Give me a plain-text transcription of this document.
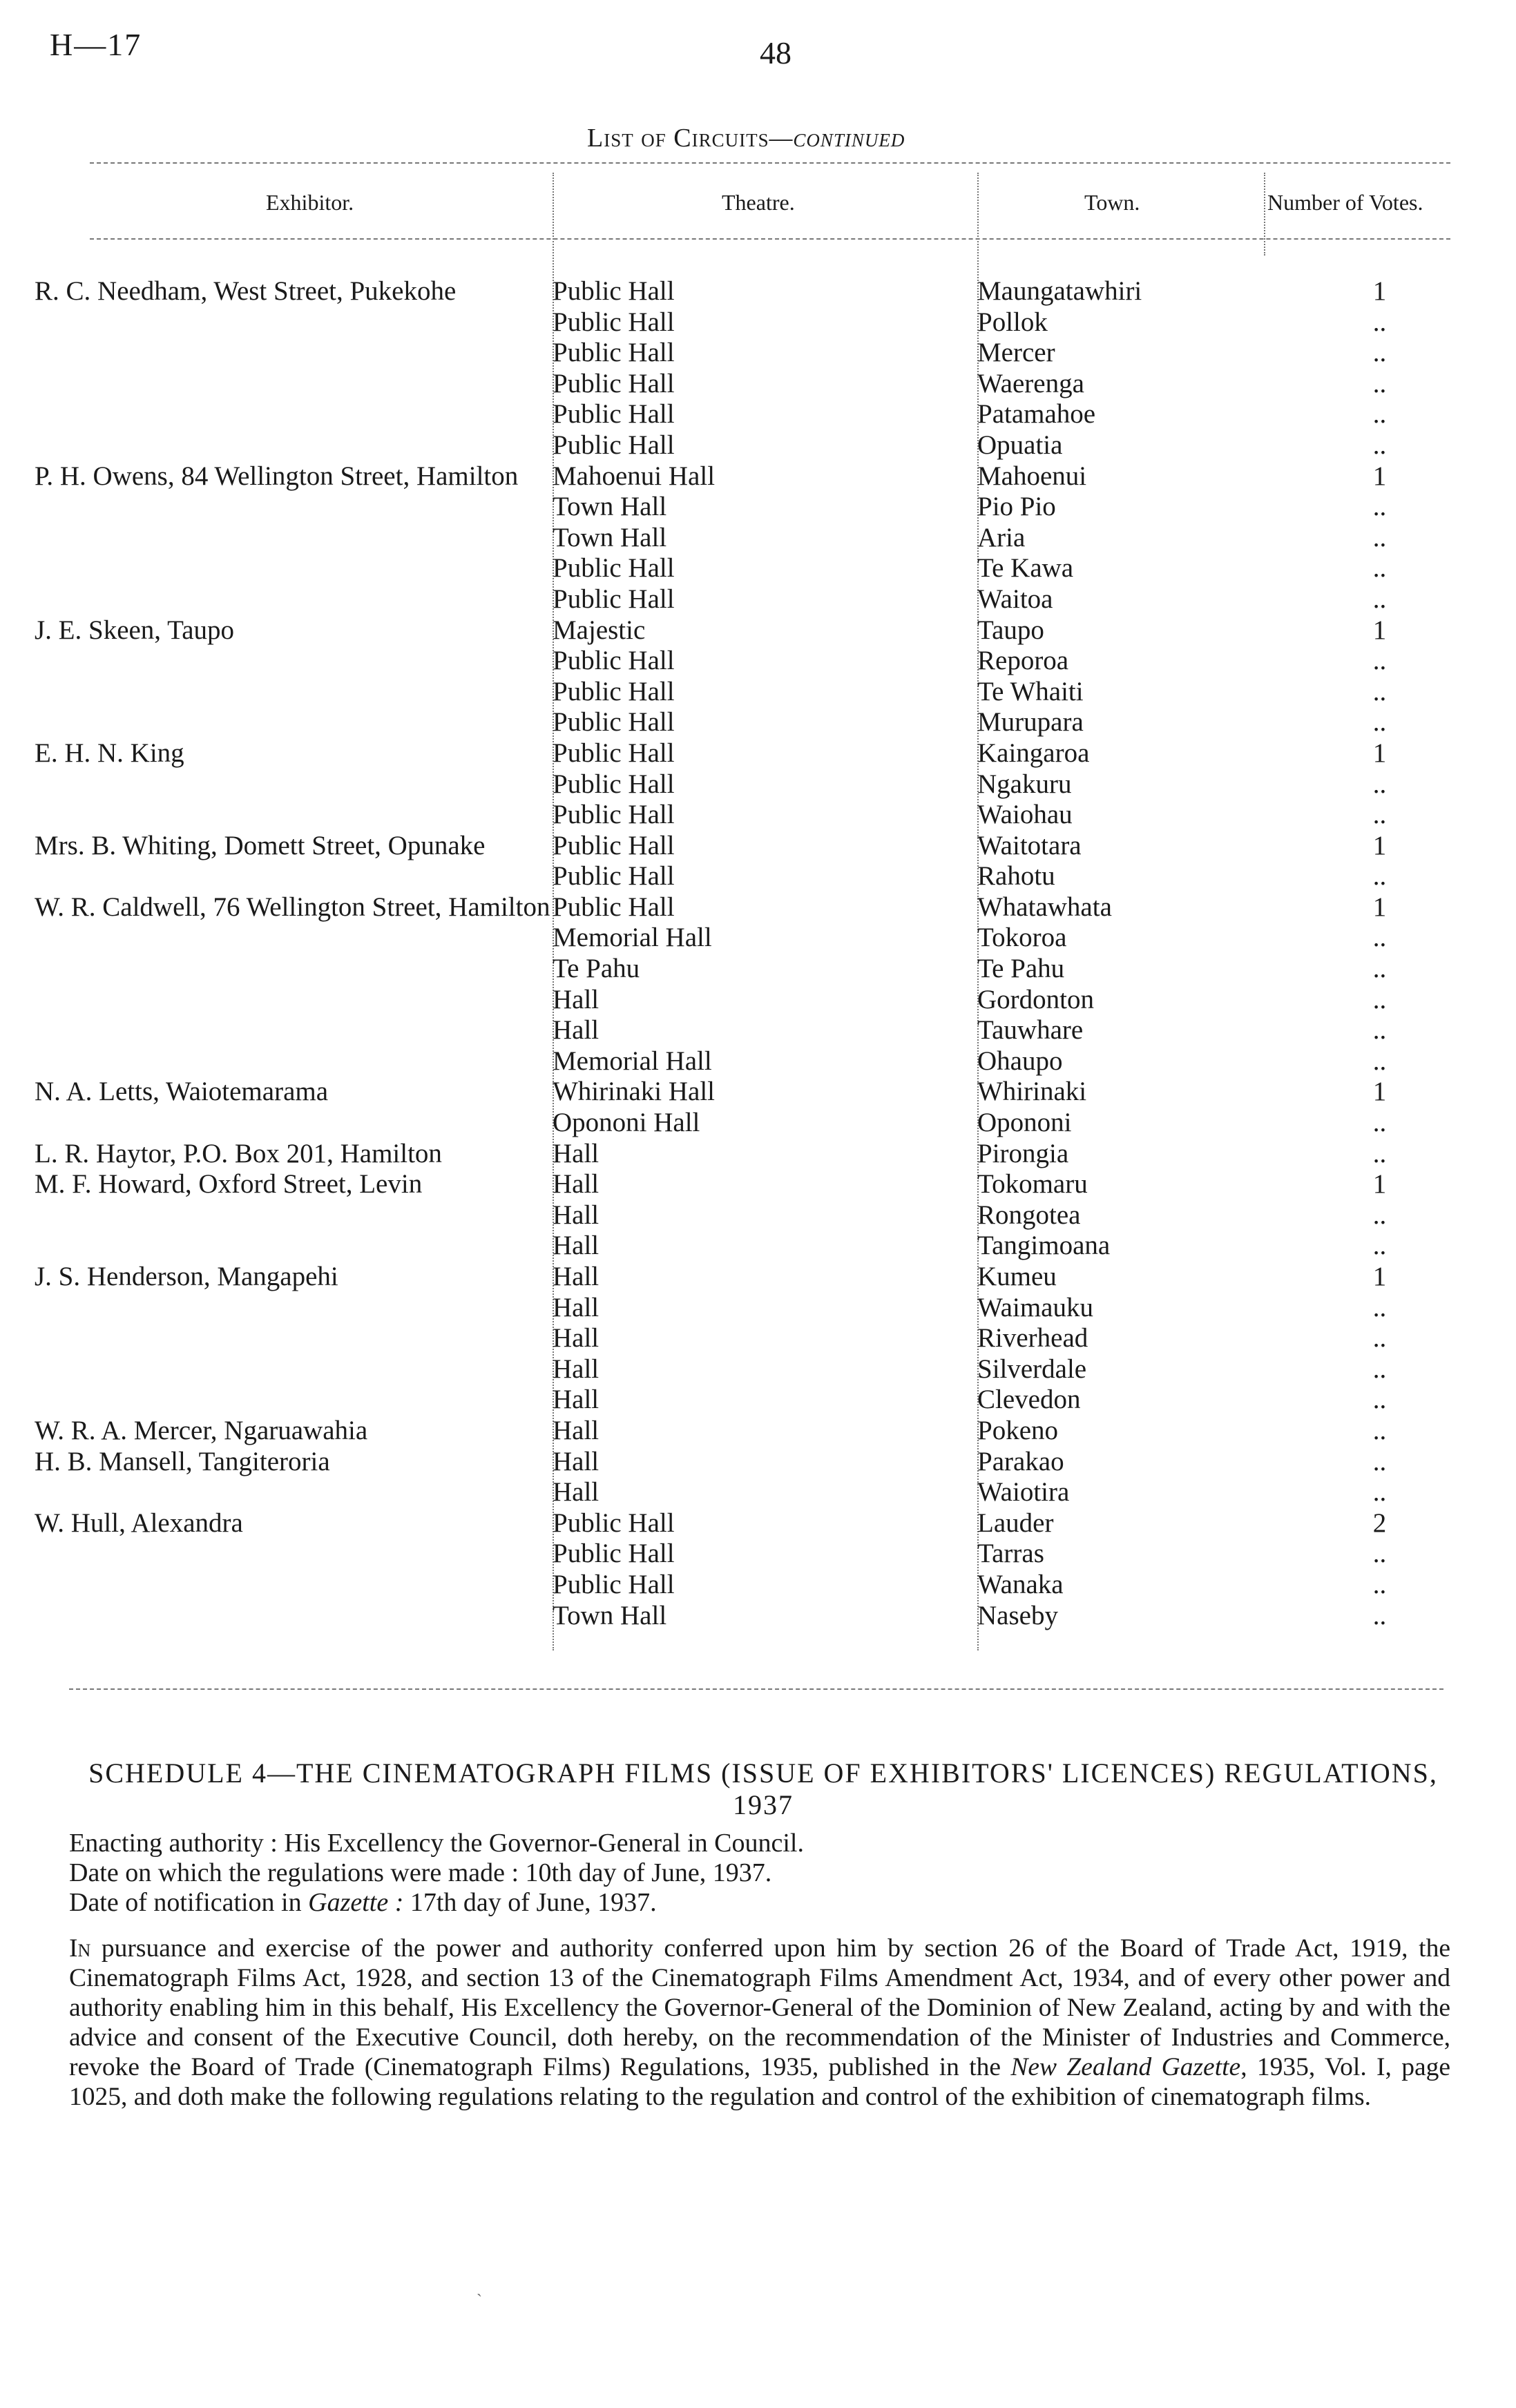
H—17	48
List of Circuits—continued
Exhibitor.	Theatre.	Town.	Number of Votes.
R. C. Needham, West Street, Pukekohe	Public Hall	Maungatawhiri	1
	Public Hall	Pollok	..
	Public Hall	Mercer	..
	Public Hall	Waerenga	..
	Public Hall	Patamahoe	..
	Public Hall	Opuatia	..
P. H. Owens, 84 Wellington Street, Hamilton	Mahoenui Hall	Mahoenui	1
	Town Hall	Pio Pio	..
	Town Hall	Aria	..
	Public Hall	Te Kawa	..
	Public Hall	Waitoa	..
J. E. Skeen, Taupo	Majestic	Taupo	1
	Public Hall	Reporoa	..
	Public Hall	Te Whaiti	..
	Public Hall	Murupara	..
E. H. N. King	Public Hall	Kaingaroa	1
	Public Hall	Ngakuru	..
	Public Hall	Waiohau	..
Mrs. B. Whiting, Domett Street, Opunake	Public Hall	Waitotara	1
	Public Hall	Rahotu	..
W. R. Caldwell, 76 Wellington Street, Hamilton	Public Hall	Whatawhata	1
	Memorial Hall	Tokoroa	..
	Te Pahu	Te Pahu	..
	Hall	Gordonton	..
	Hall	Tauwhare	..
	Memorial Hall	Ohaupo	..
N. A. Letts, Waiotemarama	Whirinaki Hall	Whirinaki	1
	Opononi Hall	Opononi	..
L. R. Haytor, P.O. Box 201, Hamilton	Hall	Pirongia	..
M. F. Howard, Oxford Street, Levin	Hall	Tokomaru	1
	Hall	Rongotea	..
	Hall	Tangimoana	..
J. S. Henderson, Mangapehi	Hall	Kumeu	1
	Hall	Waimauku	..
	Hall	Riverhead	..
	Hall	Silverdale	..
	Hall	Clevedon	..
W. R. A. Mercer, Ngaruawahia	Hall	Pokeno	..
H. B. Mansell, Tangiteroria	Hall	Parakao	..
	Hall	Waiotira	..
W. Hull, Alexandra	Public Hall	Lauder	2
	Public Hall	Tarras	..
	Public Hall	Wanaka	..
	Town Hall	Naseby	..
SCHEDULE 4—THE CINEMATOGRAPH FILMS (ISSUE OF EXHIBITORS' LICENCES) REGULATIONS, 1937
Enacting authority : His Excellency the Governor-General in Council.
Date on which the regulations were made : 10th day of June, 1937.
Date of notification in Gazette : 17th day of June, 1937.
In pursuance and exercise of the power and authority conferred upon him by section 26 of the Board of Trade Act, 1919, the Cinematograph Films Act, 1928, and section 13 of the Cinematograph Films Amendment Act, 1934, and of every other power and authority enabling him in this behalf, His Excellency the Governor-General of the Dominion of New Zealand, acting by and with the advice and consent of the Executive Council, doth hereby, on the recommendation of the Minister of Industries and Commerce, revoke the Board of Trade (Cinematograph Films) Regulations, 1935, published in the New Zealand Gazette, 1935, Vol. I, page 1025, and doth make the following regulations relating to the regulation and control of the exhibition of cinematograph films.
ˎ
